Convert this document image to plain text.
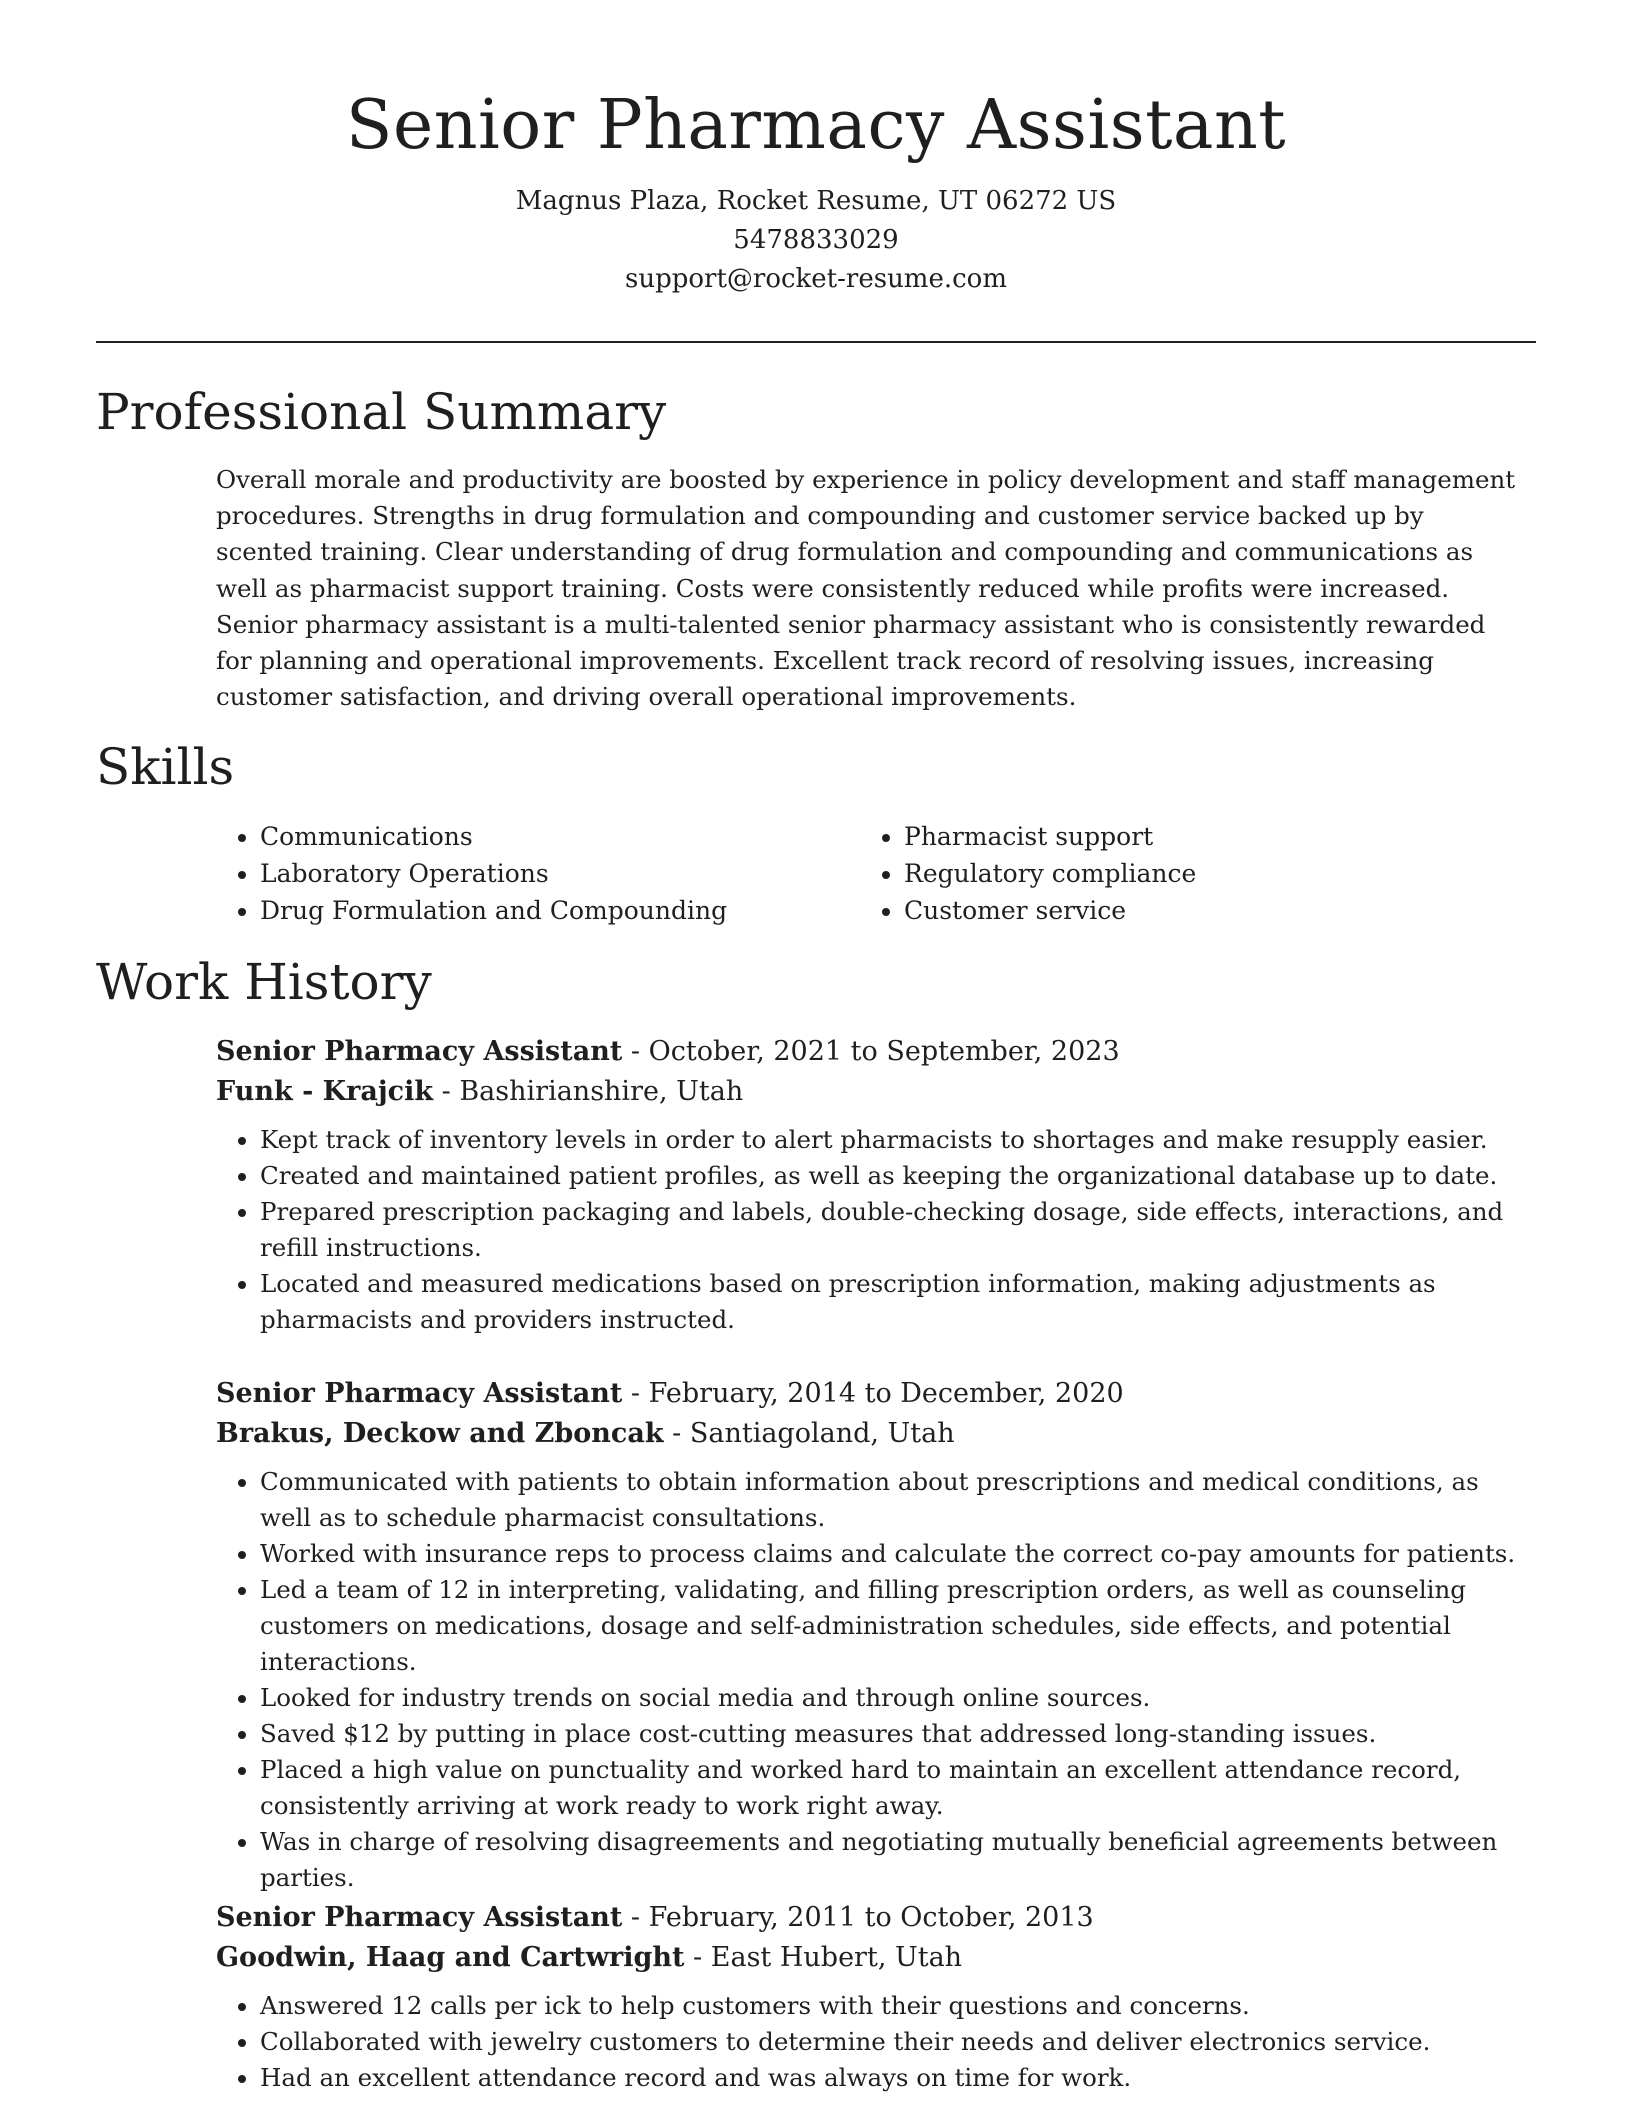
Senior Pharmacy Assistant
Magnus Plaza, Rocket Resume, UT 06272 US
5478833029
support@rocket-resume.com
Professional Summary

Overall morale and productivity are boosted by experience in policy development and staff management procedures. Strengths in drug formulation and compounding and customer service backed up by scented training. Clear understanding of drug formulation and compounding and communications as well as pharmacist support training. Costs were consistently reduced while profits were increased. Senior pharmacy assistant is a multi-talented senior pharmacy assistant who is consistently rewarded for planning and operational improvements. Excellent track record of resolving issues, increasing customer satisfaction, and driving overall operational improvements.

Skills
• Communications
• Laboratory Operations
• Drug Formulation and Compounding
• Pharmacist support
• Regulatory compliance
• Customer service
Work History
Senior Pharmacy Assistant - October, 2021 to September, 2023
Funk - Krajcik - Bashirianshire, Utah
• Kept track of inventory levels in order to alert pharmacists to shortages and make resupply easier.
• Created and maintained patient profiles, as well as keeping the organizational database up to date.
• Prepared prescription packaging and labels, double-checking dosage, side effects, interactions, and refill instructions.
• Located and measured medications based on prescription information, making adjustments as pharmacists and providers instructed.
Senior Pharmacy Assistant - February, 2014 to December, 2020
Brakus, Deckow and Zboncak - Santiagoland, Utah
• Communicated with patients to obtain information about prescriptions and medical conditions, as well as to schedule pharmacist consultations.
• Worked with insurance reps to process claims and calculate the correct co-pay amounts for patients.
• Led a team of 12 in interpreting, validating, and filling prescription orders, as well as counseling customers on medications, dosage and self-administration schedules, side effects, and potential interactions.
• Looked for industry trends on social media and through online sources.
• Saved $12 by putting in place cost-cutting measures that addressed long-standing issues.
• Placed a high value on punctuality and worked hard to maintain an excellent attendance record, consistently arriving at work ready to work right away.
• Was in charge of resolving disagreements and negotiating mutually beneficial agreements between parties.
Senior Pharmacy Assistant - February, 2011 to October, 2013
Goodwin, Haag and Cartwright - East Hubert, Utah
• Answered 12 calls per ick to help customers with their questions and concerns.
• Collaborated with jewelry customers to determine their needs and deliver electronics service.
• Had an excellent attendance record and was always on time for work.
